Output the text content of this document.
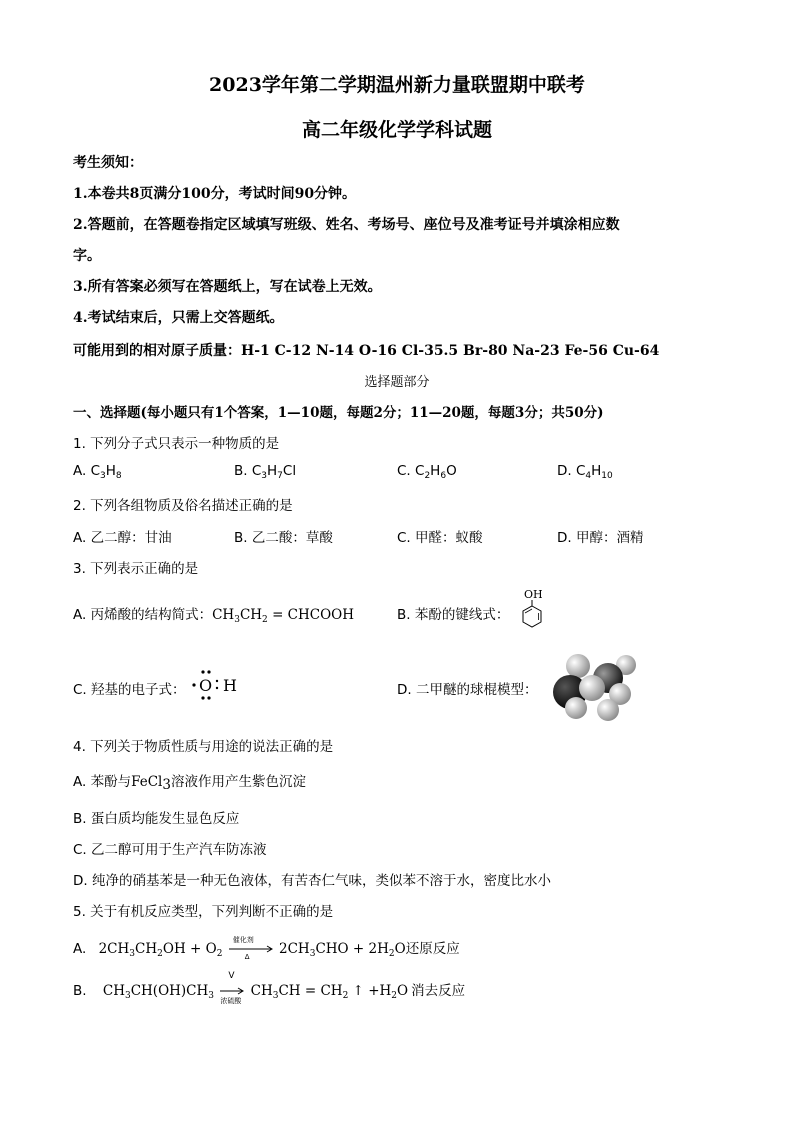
2023学年第二学期温州新力量联盟期中联考
高二年级化学学科试题
考生须知：
1.本卷共8页满分100分，考试时间90分钟。
2.答题前，在答题卷指定区域填写班级、姓名、考场号、座位号及准考证号并填涂相应数
字。
3.所有答案必须写在答题纸上，写在试卷上无效。
4.考试结束后，只需上交答题纸。
可能用到的相对原子质量：H-1 C-12 N-14 O-16 Cl-35.5 Br-80 Na-23 Fe-56 Cu-64
选择题部分
一、选择题(每小题只有1个答案，1—10题，每题2分；11—20题，每题3分；共50分)
1. 下列分子式只表示一种物质的是
A. $C_3H_8$	B. $C_3H_7Cl$	C. $C_2H_6O$	D. $C_4H_{10}$
2. 下列各组物质及俗名描述正确的是
A. 乙二醇：甘油	B. 乙二酸：草酸	C. 甲醛：蚁酸	D. 甲醇：酒精
3. 下列表示正确的是
A. 丙烯酸的结构简式：$CH_3CH_2$ = CHCOOH	B. 苯酚的键线式：
OH
C. 羟基的电子式： O H	D. 二甲醚的球棍模型：
4. 下列关于物质性质与用途的说法正确的是
A. 苯酚与FeCl$_3$溶液作用产生紫色沉淀
B. 蛋白质均能发生显色反应
C. 乙二醇可用于生产汽车防冻液
D. 纯净的硝基苯是一种无色液体，有苦杏仁气味，类似苯不溶于水，密度比水小
5. 关于有机反应类型，下列判断不正确的是
A. $2CH_3CH_2OH + O_2$
催化剂
Δ $2CH_3CHO + 2H_2O$还原反应
B. $CH_3CH(OH)CH_3$
V
浓硫酸
$CH_3CH = CH_2$ ↑ $+H_2O$ 消去反应
